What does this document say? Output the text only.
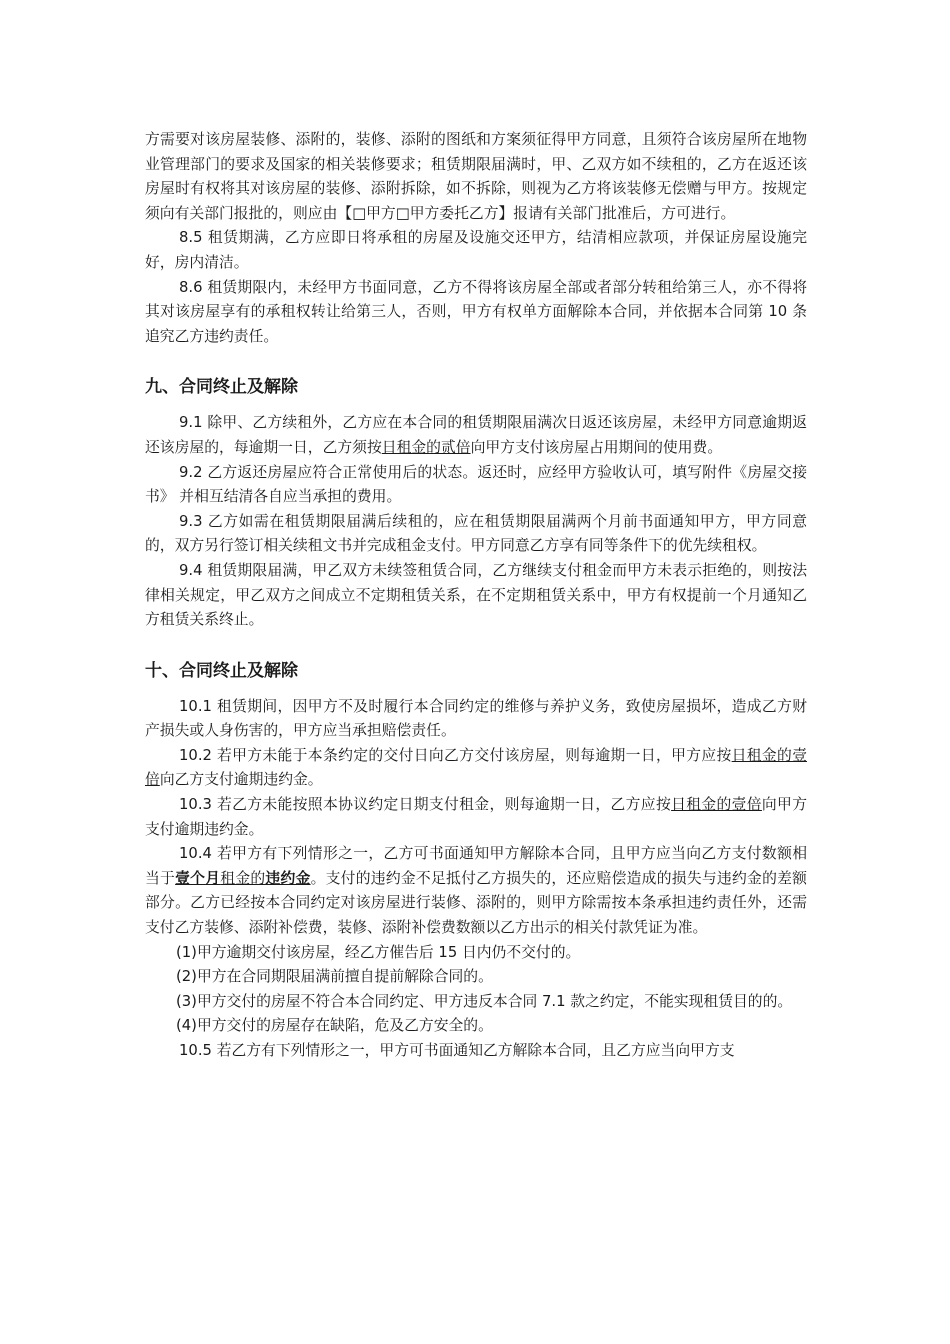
方需要对该房屋装修、添附的，装修、添附的图纸和方案须征得甲方同意，且须符合该房屋所在地物业管理部门的要求及国家的相关装修要求；租赁期限届满时，甲、乙双方如不续租的，乙方在返还该房屋时有权将其对该房屋的装修、添附拆除，如不拆除，则视为乙方将该装修无偿赠与甲方。按规定须向有关部门报批的，则应由【□甲方□甲方委托乙方】报请有关部门批准后，方可进行。

8.5 租赁期满，乙方应即日将承租的房屋及设施交还甲方，结清相应款项，并保证房屋设施完好，房内清洁。

8.6 租赁期限内，未经甲方书面同意，乙方不得将该房屋全部或者部分转租给第三人，亦不得将其对该房屋享有的承租权转让给第三人，否则，甲方有权单方面解除本合同，并依据本合同第 10 条追究乙方违约责任。

九、合同终止及解除

9.1 除甲、乙方续租外，乙方应在本合同的租赁期限届满次日返还该房屋，未经甲方同意逾期返还该房屋的，每逾期一日，乙方须按日租金的贰倍向甲方支付该房屋占用期间的使用费。

9.2 乙方返还房屋应符合正常使用后的状态。返还时，应经甲方验收认可，填写附件《房屋交接书》 并相互结清各自应当承担的费用。

9.3 乙方如需在租赁期限届满后续租的，应在租赁期限届满两个月前书面通知甲方，甲方同意的，双方另行签订相关续租文书并完成租金支付。甲方同意乙方享有同等条件下的优先续租权。

9.4 租赁期限届满，甲乙双方未续签租赁合同，乙方继续支付租金而甲方未表示拒绝的，则按法律相关规定，甲乙双方之间成立不定期租赁关系，在不定期租赁关系中，甲方有权提前一个月通知乙方租赁关系终止。

十、合同终止及解除

10.1 租赁期间，因甲方不及时履行本合同约定的维修与养护义务，致使房屋损坏，造成乙方财产损失或人身伤害的，甲方应当承担赔偿责任。

10.2 若甲方未能于本条约定的交付日向乙方交付该房屋，则每逾期一日，甲方应按日租金的壹倍向乙方支付逾期违约金。

10.3 若乙方未能按照本协议约定日期支付租金，则每逾期一日，乙方应按日租金的壹倍向甲方支付逾期违约金。

10.4 若甲方有下列情形之一，乙方可书面通知甲方解除本合同，且甲方应当向乙方支付数额相当于壹个月租金的违约金。支付的违约金不足抵付乙方损失的，还应赔偿造成的损失与违约金的差额部分。乙方已经按本合同约定对该房屋进行装修、添附的，则甲方除需按本条承担违约责任外，还需支付乙方装修、添附补偿费，装修、添附补偿费数额以乙方出示的相关付款凭证为准。

(1)甲方逾期交付该房屋，经乙方催告后 15 日内仍不交付的。

(2)甲方在合同期限届满前擅自提前解除合同的。

(3)甲方交付的房屋不符合本合同约定、甲方违反本合同 7.1 款之约定，不能实现租赁目的的。

(4)甲方交付的房屋存在缺陷，危及乙方安全的。

10.5 若乙方有下列情形之一，甲方可书面通知乙方解除本合同，且乙方应当向甲方支
